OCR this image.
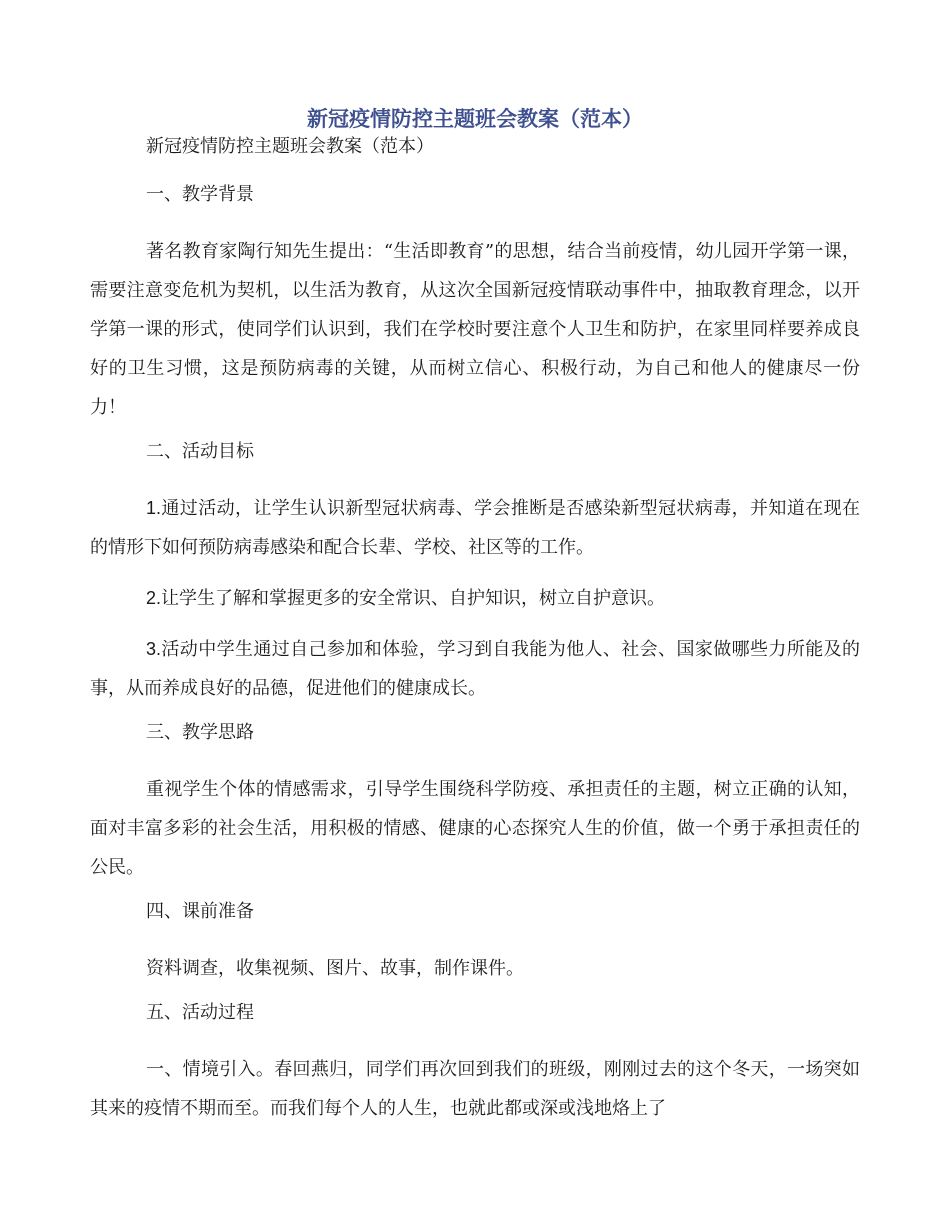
新冠疫情防控主题班会教案（范本）

新冠疫情防控主题班会教案（范本）

一、教学背景

著名教育家陶行知先生提出：“生活即教育”的思想，结合当前疫情，幼儿园开学第一课，需要注意变危机为契机，以生活为教育，从这次全国新冠疫情联动事件中，抽取教育理念，以开学第一课的形式，使同学们认识到，我们在学校时要注意个人卫生和防护，在家里同样要养成良好的卫生习惯，这是预防病毒的关键，从而树立信心、积极行动，为自己和他人的健康尽一份力！

二、活动目标

1.通过活动，让学生认识新型冠状病毒、学会推断是否感染新型冠状病毒，并知道在现在的情形下如何预防病毒感染和配合长辈、学校、社区等的工作。

2.让学生了解和掌握更多的安全常识、自护知识，树立自护意识。

3.活动中学生通过自己参加和体验，学习到自我能为他人、社会、国家做哪些力所能及的事，从而养成良好的品德，促进他们的健康成长。

三、教学思路

重视学生个体的情感需求，引导学生围绕科学防疫、承担责任的主题，树立正确的认知，面对丰富多彩的社会生活，用积极的情感、健康的心态探究人生的价值，做一个勇于承担责任的公民。

四、课前准备

资料调查，收集视频、图片、故事，制作课件。

五、活动过程

一、情境引入。春回燕归，同学们再次回到我们的班级，刚刚过去的这个冬天，一场突如其来的疫情不期而至。而我们每个人的人生，也就此都或深或浅地烙上了
